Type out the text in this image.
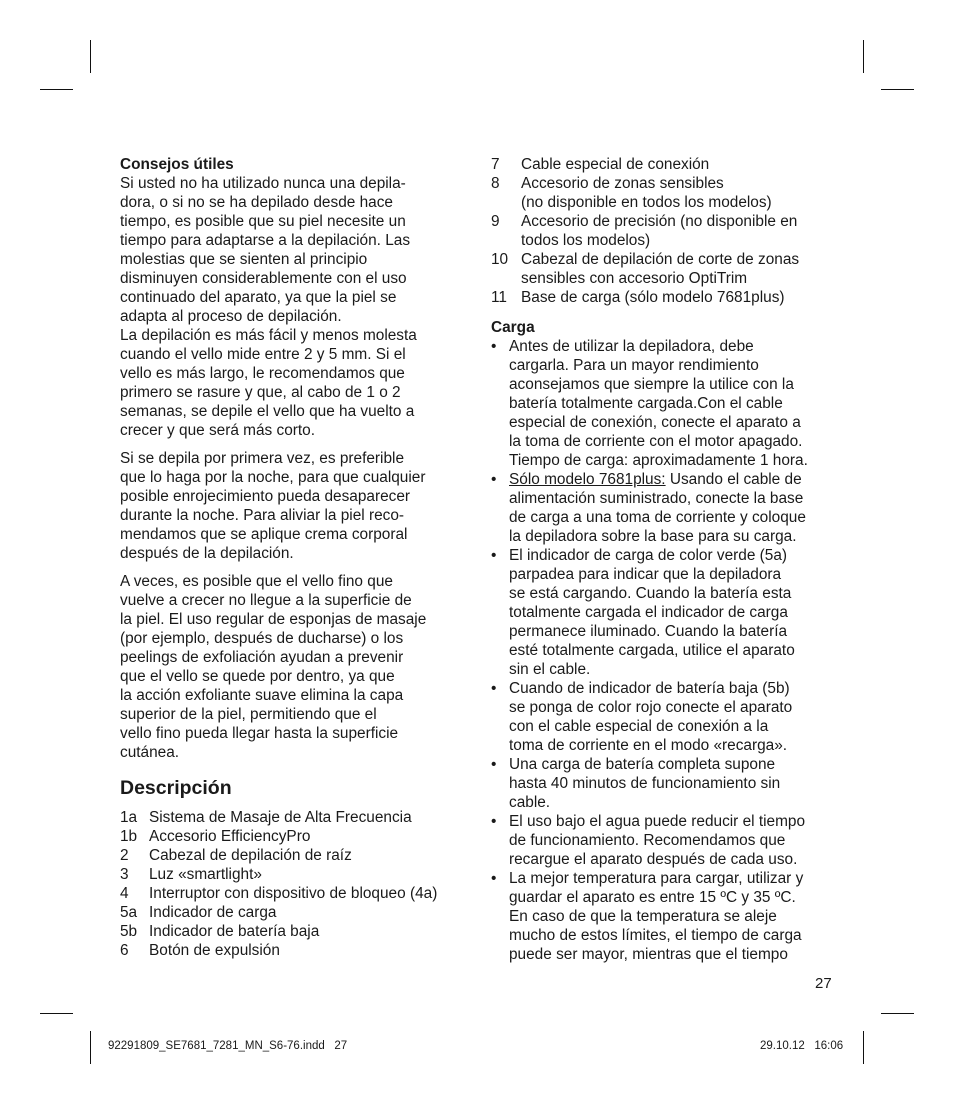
Consejos útiles

Si usted no ha utilizado nunca una depila-
dora, o si no se ha depilado desde hace
tiempo, es posible que su piel necesite un
tiempo para adaptarse a la depilación. Las
molestias que se sienten al principio
disminuyen considerablemente con el uso
continuado del aparato, ya que la piel se
adapta al proceso de depilación.
La depilación es más fácil y menos molesta
cuando el vello mide entre 2 y 5 mm. Si el
vello es más largo, le recomendamos que
primero se rasure y que, al cabo de 1 o 2
semanas, se depile el vello que ha vuelto a
crecer y que será más corto.
Si se depila por primera vez, es preferible
que lo haga por la noche, para que cualquier
posible enrojecimiento pueda desaparecer
durante la noche. Para aliviar la piel reco-
mendamos que se aplique crema corporal
después de la depilación.
A veces, es posible que el vello fino que
vuelve a crecer no llegue a la superficie de
la piel. El uso regular de esponjas de masaje
(por ejemplo, después de ducharse) o los
peelings de exfoliación ayudan a prevenir
que el vello se quede por dentro, ya que
la acción exfoliante suave elimina la capa
superior de la piel, permitiendo que el
vello fino pueda llegar hasta la superficie
cutánea.
Descripción
1a Sistema de Masaje de Alta Frecuencia
1b Accesorio EfficiencyPro
2	Cabezal de depilación de raíz
3	Luz «smartlight»
4	Interruptor con dispositivo de bloqueo (4a)
5a Indicador de carga
5b Indicador de batería baja
6	Botón de expulsión
7	Cable especial de conexión
8	Accesorio de zonas sensibles
(no disponible en todos los modelos)
9	Accesorio de precisión (no disponible en
todos los modelos)
10 Cabezal de depilación de corte de zonas
sensibles con accesorio OptiTrim
11 Base de carga (sólo modelo 7681plus)

Carga

• Antes de utilizar la depiladora, debe
cargarla. Para un mayor rendimiento
aconsejamos que siempre la utilice con la
batería totalmente cargada.Con el cable
especial de conexión, conecte el aparato a
la toma de corriente con el motor apagado.
Tiempo de carga: aproximadamente 1 hora.
• Sólo modelo 7681plus: Usando el cable de
alimentación suministrado, conecte la base
de carga a una toma de corriente y coloque
la depiladora sobre la base para su carga.
• El indicador de carga de color verde (5a)
parpadea para indicar que la depiladora
se está cargando. Cuando la batería esta
totalmente cargada el indicador de carga
permanece iluminado. Cuando la batería
esté totalmente cargada, utilice el aparato
sin el cable.
• Cuando de indicador de batería baja (5b)
se ponga de color rojo conecte el aparato
con el cable especial de conexión a la
toma de corriente en el modo «recarga».
• Una carga de batería completa supone
hasta 40 minutos de funcionamiento sin
cable.
• El uso bajo el agua puede reducir el tiempo
de funcionamiento. Recomendamos que
recargue el aparato después de cada uso.
• La mejor temperatura para cargar, utilizar y
guardar el aparato es entre 15 ºC y 35 ºC.
En caso de que la temperatura se aleje
mucho de estos límites, el tiempo de carga
puede ser mayor, mientras que el tiempo
27
92291809_SE7681_7281_MN_S6-76.indd   27	29.10.12   16:06
